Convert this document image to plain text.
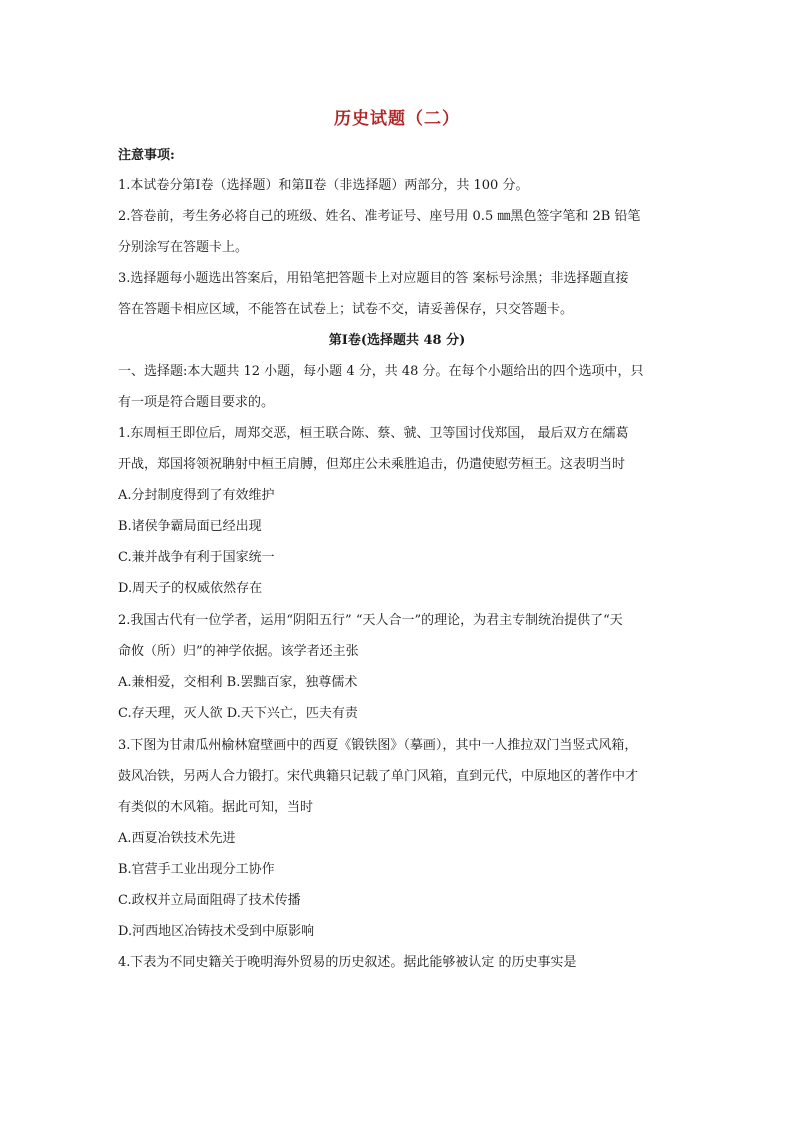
历史试题（二）
注意事项:
1.本试卷分第Ⅰ卷（选择题）和第Ⅱ卷（非选择题）两部分，共 100 分。
2.答卷前，考生务必将自己的班级、姓名、准考证号、座号用 0.5 ㎜黑色签字笔和 2B 铅笔
分别涂写在答题卡上。
3.选择题每小题选出答案后，用铅笔把答题卡上对应题目的答 案标号涂黑；非选择题直接
答在答题卡相应区域，不能答在试卷上；试卷不交，请妥善保存，只交答题卡。
第Ⅰ卷(选择题共 48 分)
一、选择题:本大题共 12 小题，每小题 4 分，共 48 分。在每个小题给出的四个选项中，只
有一项是符合题目要求的。
1.东周桓王即位后，周郑交恶，桓王联合陈、蔡、虢、卫等国讨伐郑国， 最后双方在繻葛
开战，郑国将领祝聃射中桓王肩膊，但郑庄公未乘胜追击，仍遣使慰劳桓王。这表明当时
A.分封制度得到了有效维护
B.诸侯争霸局面已经出现
C.兼并战争有利于国家统一
D.周天子的权威依然存在
2.我国古代有一位学者，运用“阴阳五行” “天人合一”的理论，为君主专制统治提供了“天
命攸（所）归”的神学依据。该学者还主张
A.兼相爱，交相利 B.罢黜百家，独尊儒术
C.存天理，灭人欲 D.天下兴亡，匹夫有责
3.下图为甘肃瓜州榆林窟壁画中的西夏《锻铁图》（摹画），其中一人推拉双门当竖式风箱，
鼓风冶铁，另两人合力锻打。宋代典籍只记载了单门风箱，直到元代，中原地区的著作中才
有类似的木风箱。据此可知，当时
A.西夏冶铁技术先进
B.官营手工业出现分工协作
C.政权并立局面阻碍了技术传播
D.河西地区冶铸技术受到中原影响
4.下表为不同史籍关于晚明海外贸易的历史叙述。据此能够被认定 的历史事实是
